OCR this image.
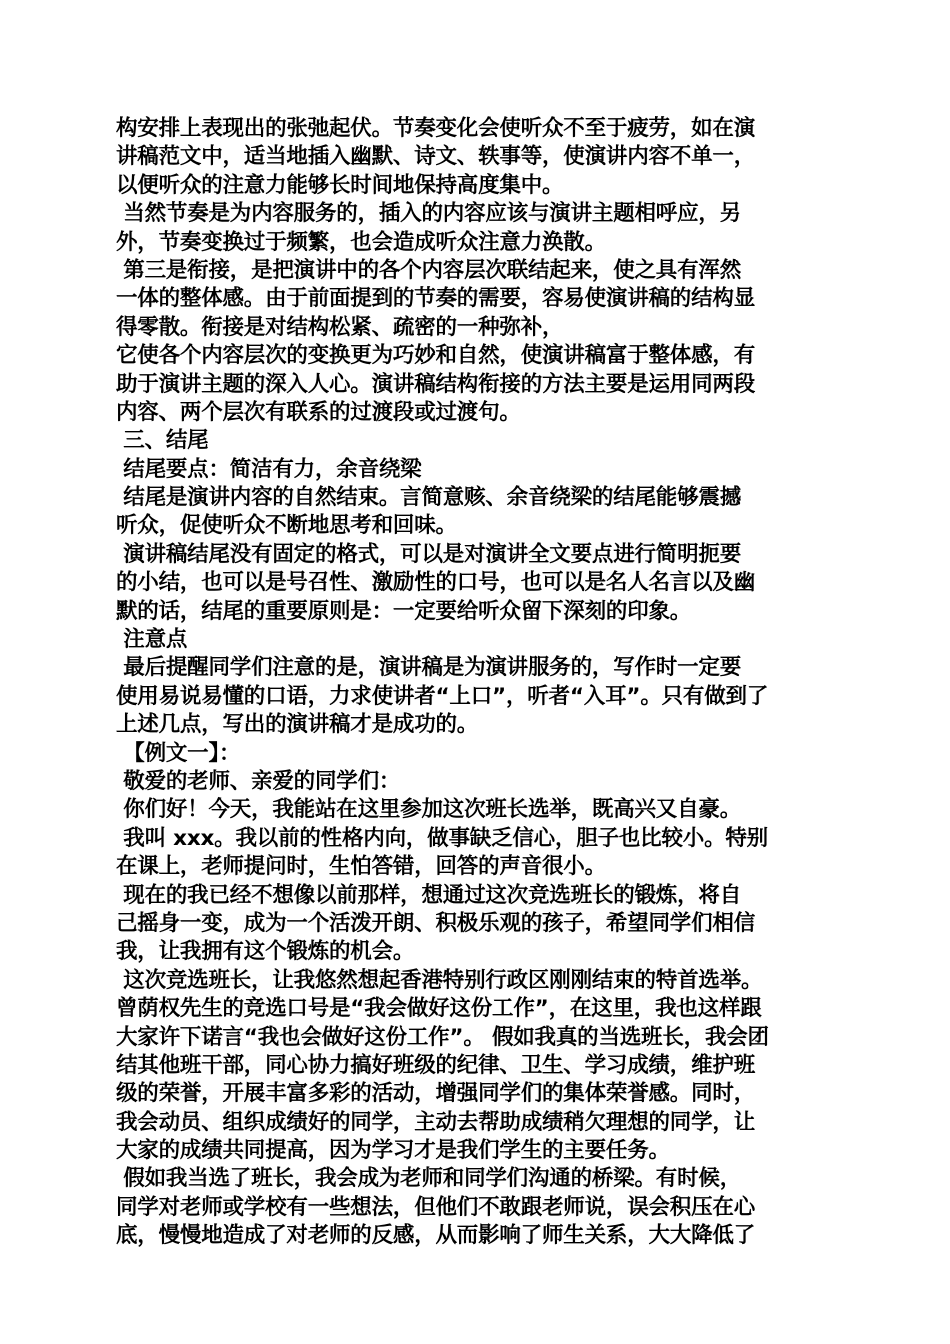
构安排上表现出的张弛起伏。节奏变化会使听众不至于疲劳，如在演
讲稿范文中，适当地插入幽默、诗文、轶事等，使演讲内容不单一，
以便听众的注意力能够长时间地保持高度集中。
当然节奏是为内容服务的，插入的内容应该与演讲主题相呼应，另
外，节奏变换过于频繁，也会造成听众注意力涣散。
第三是衔接，是把演讲中的各个内容层次联结起来，使之具有浑然
一体的整体感。由于前面提到的节奏的需要，容易使演讲稿的结构显
得零散。衔接是对结构松紧、疏密的一种弥补，
它使各个内容层次的变换更为巧妙和自然，使演讲稿富于整体感，有
助于演讲主题的深入人心。演讲稿结构衔接的方法主要是运用同两段
内容、两个层次有联系的过渡段或过渡句。
三、结尾
结尾要点：简洁有力，余音绕梁
结尾是演讲内容的自然结束。言简意赅、余音绕梁的结尾能够震撼
听众，促使听众不断地思考和回味。
演讲稿结尾没有固定的格式，可以是对演讲全文要点进行简明扼要
的小结，也可以是号召性、激励性的口号，也可以是名人名言以及幽
默的话，结尾的重要原则是：一定要给听众留下深刻的印象。
注意点
最后提醒同学们注意的是，演讲稿是为演讲服务的，写作时一定要
使用易说易懂的口语，力求使讲者“上口”，听者“入耳”。只有做到了
上述几点，写出的演讲稿才是成功的。
【例文一】：
敬爱的老师、亲爱的同学们：
你们好！今天，我能站在这里参加这次班长选举，既高兴又自豪。
我叫 xxx。我以前的性格内向，做事缺乏信心，胆子也比较小。特别
在课上，老师提问时，生怕答错，回答的声音很小。
现在的我已经不想像以前那样，想通过这次竞选班长的锻炼，将自
己摇身一变，成为一个活泼开朗、积极乐观的孩子，希望同学们相信
我，让我拥有这个锻炼的机会。
这次竞选班长，让我悠然想起香港特别行政区刚刚结束的特首选举。
曾荫权先生的竞选口号是“我会做好这份工作”，在这里，我也这样跟
大家许下诺言“我也会做好这份工作”。 假如我真的当选班长，我会团
结其他班干部，同心协力搞好班级的纪律、卫生、学习成绩，维护班
级的荣誉，开展丰富多彩的活动，增强同学们的集体荣誉感。同时，
我会动员、组织成绩好的同学，主动去帮助成绩稍欠理想的同学，让
大家的成绩共同提高，因为学习才是我们学生的主要任务。
假如我当选了班长，我会成为老师和同学们沟通的桥梁。有时候，
同学对老师或学校有一些想法，但他们不敢跟老师说，误会积压在心
底，慢慢地造成了对老师的反感，从而影响了师生关系，大大降低了
